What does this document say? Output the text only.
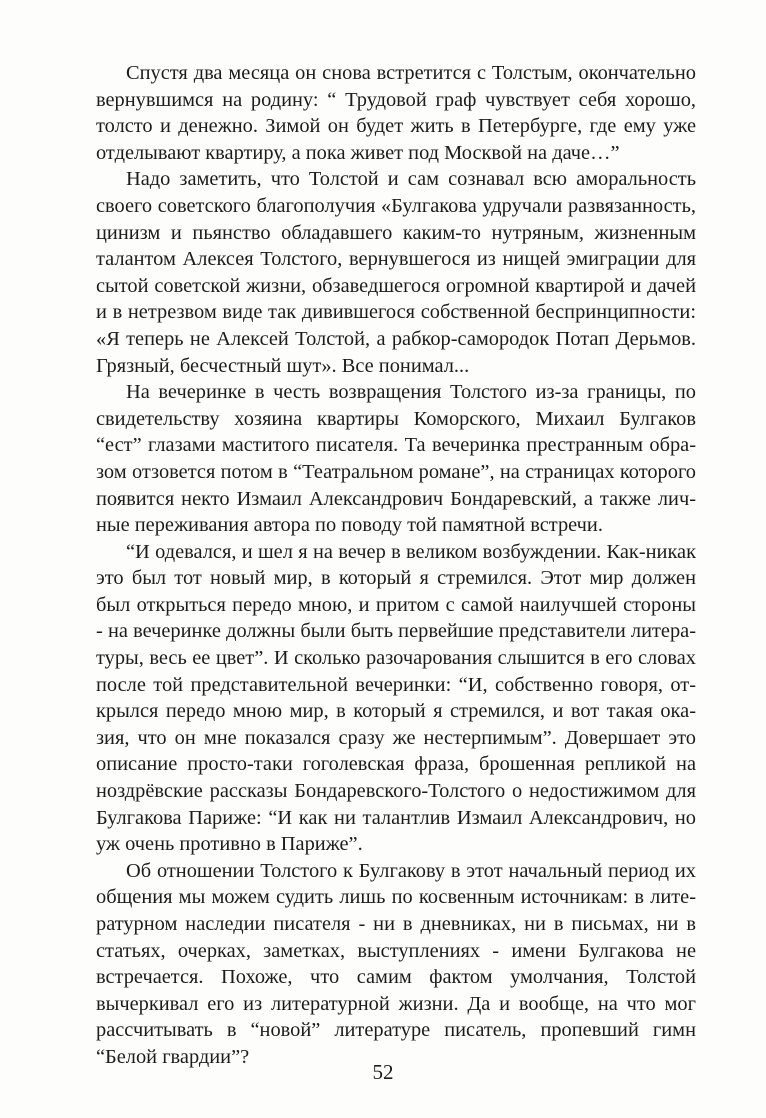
Спустя два месяца он снова встретится с Толстым, окончательно вернувшимся на родину: “ Трудовой граф чувствует себя хорошо, толсто и денежно. Зимой он будет жить в Петербурге, где ему уже отделывают квартиру, а пока живет под Москвой на даче…”

Надо заметить, что Толстой и сам сознавал всю аморальность своего советского благополучия «Булгакова удручали развязанность, цинизм и пьянство обладавшего каким-то нутряным, жизненным талантом Алексея Толстого, вернувшегося из нищей эмиграции для сытой советской жизни, обзаведшегося огромной квартирой и дачей и в нетрезвом виде так дивившегося собственной беспринципности: «Я теперь не Алексей Толстой, а рабкор-самородок Потап Дерьмов. Грязный, бесчестный шут». Все понимал...

На вечеринке в честь возвращения Толстого из-за границы, по свидетельству хозяина квартиры Коморского, Михаил Булгаков “ест” глазами маститого писателя. Та вечеринка престранным образом отзовется потом в “Театральном романе”, на страницах которого появится некто Измаил Александрович Бондаревский, а также личные переживания автора по поводу той памятной встречи.

“И одевался, и шел я на вечер в великом возбуждении. Как-никак это был тот новый мир, в который я стремился. Этот мир должен был открыться передо мною, и притом с самой наилучшей стороны - на вечеринке должны были быть первейшие представители литературы, весь ее цвет”. И сколько разочарования слышится в его словах после той представительной вечеринки: “И, собственно говоря, открылся передо мною мир, в который я стремился, и вот такая оказия, что он мне показался сразу же нестерпимым”. Довершает это описание просто-таки гоголевская фраза, брошенная репликой на ноздрёвские рассказы Бондаревского-Толстого о недостижимом для Булгакова Париже: “И как ни талантлив Измаил Александрович, но уж очень противно в Париже”.

Об отношении Толстого к Булгакову в этот начальный период их общения мы можем судить лишь по косвенным источникам: в литературном наследии писателя - ни в дневниках, ни в письмах, ни в статьях, очерках, заметках, выступлениях - имени Булгакова не встречается. Похоже, что самим фактом умолчания, Толстой вычеркивал его из литературной жизни. Да и вообще, на что мог рассчитывать в “новой” литературе писатель, пропевший гимн “Белой гвардии”?

52
